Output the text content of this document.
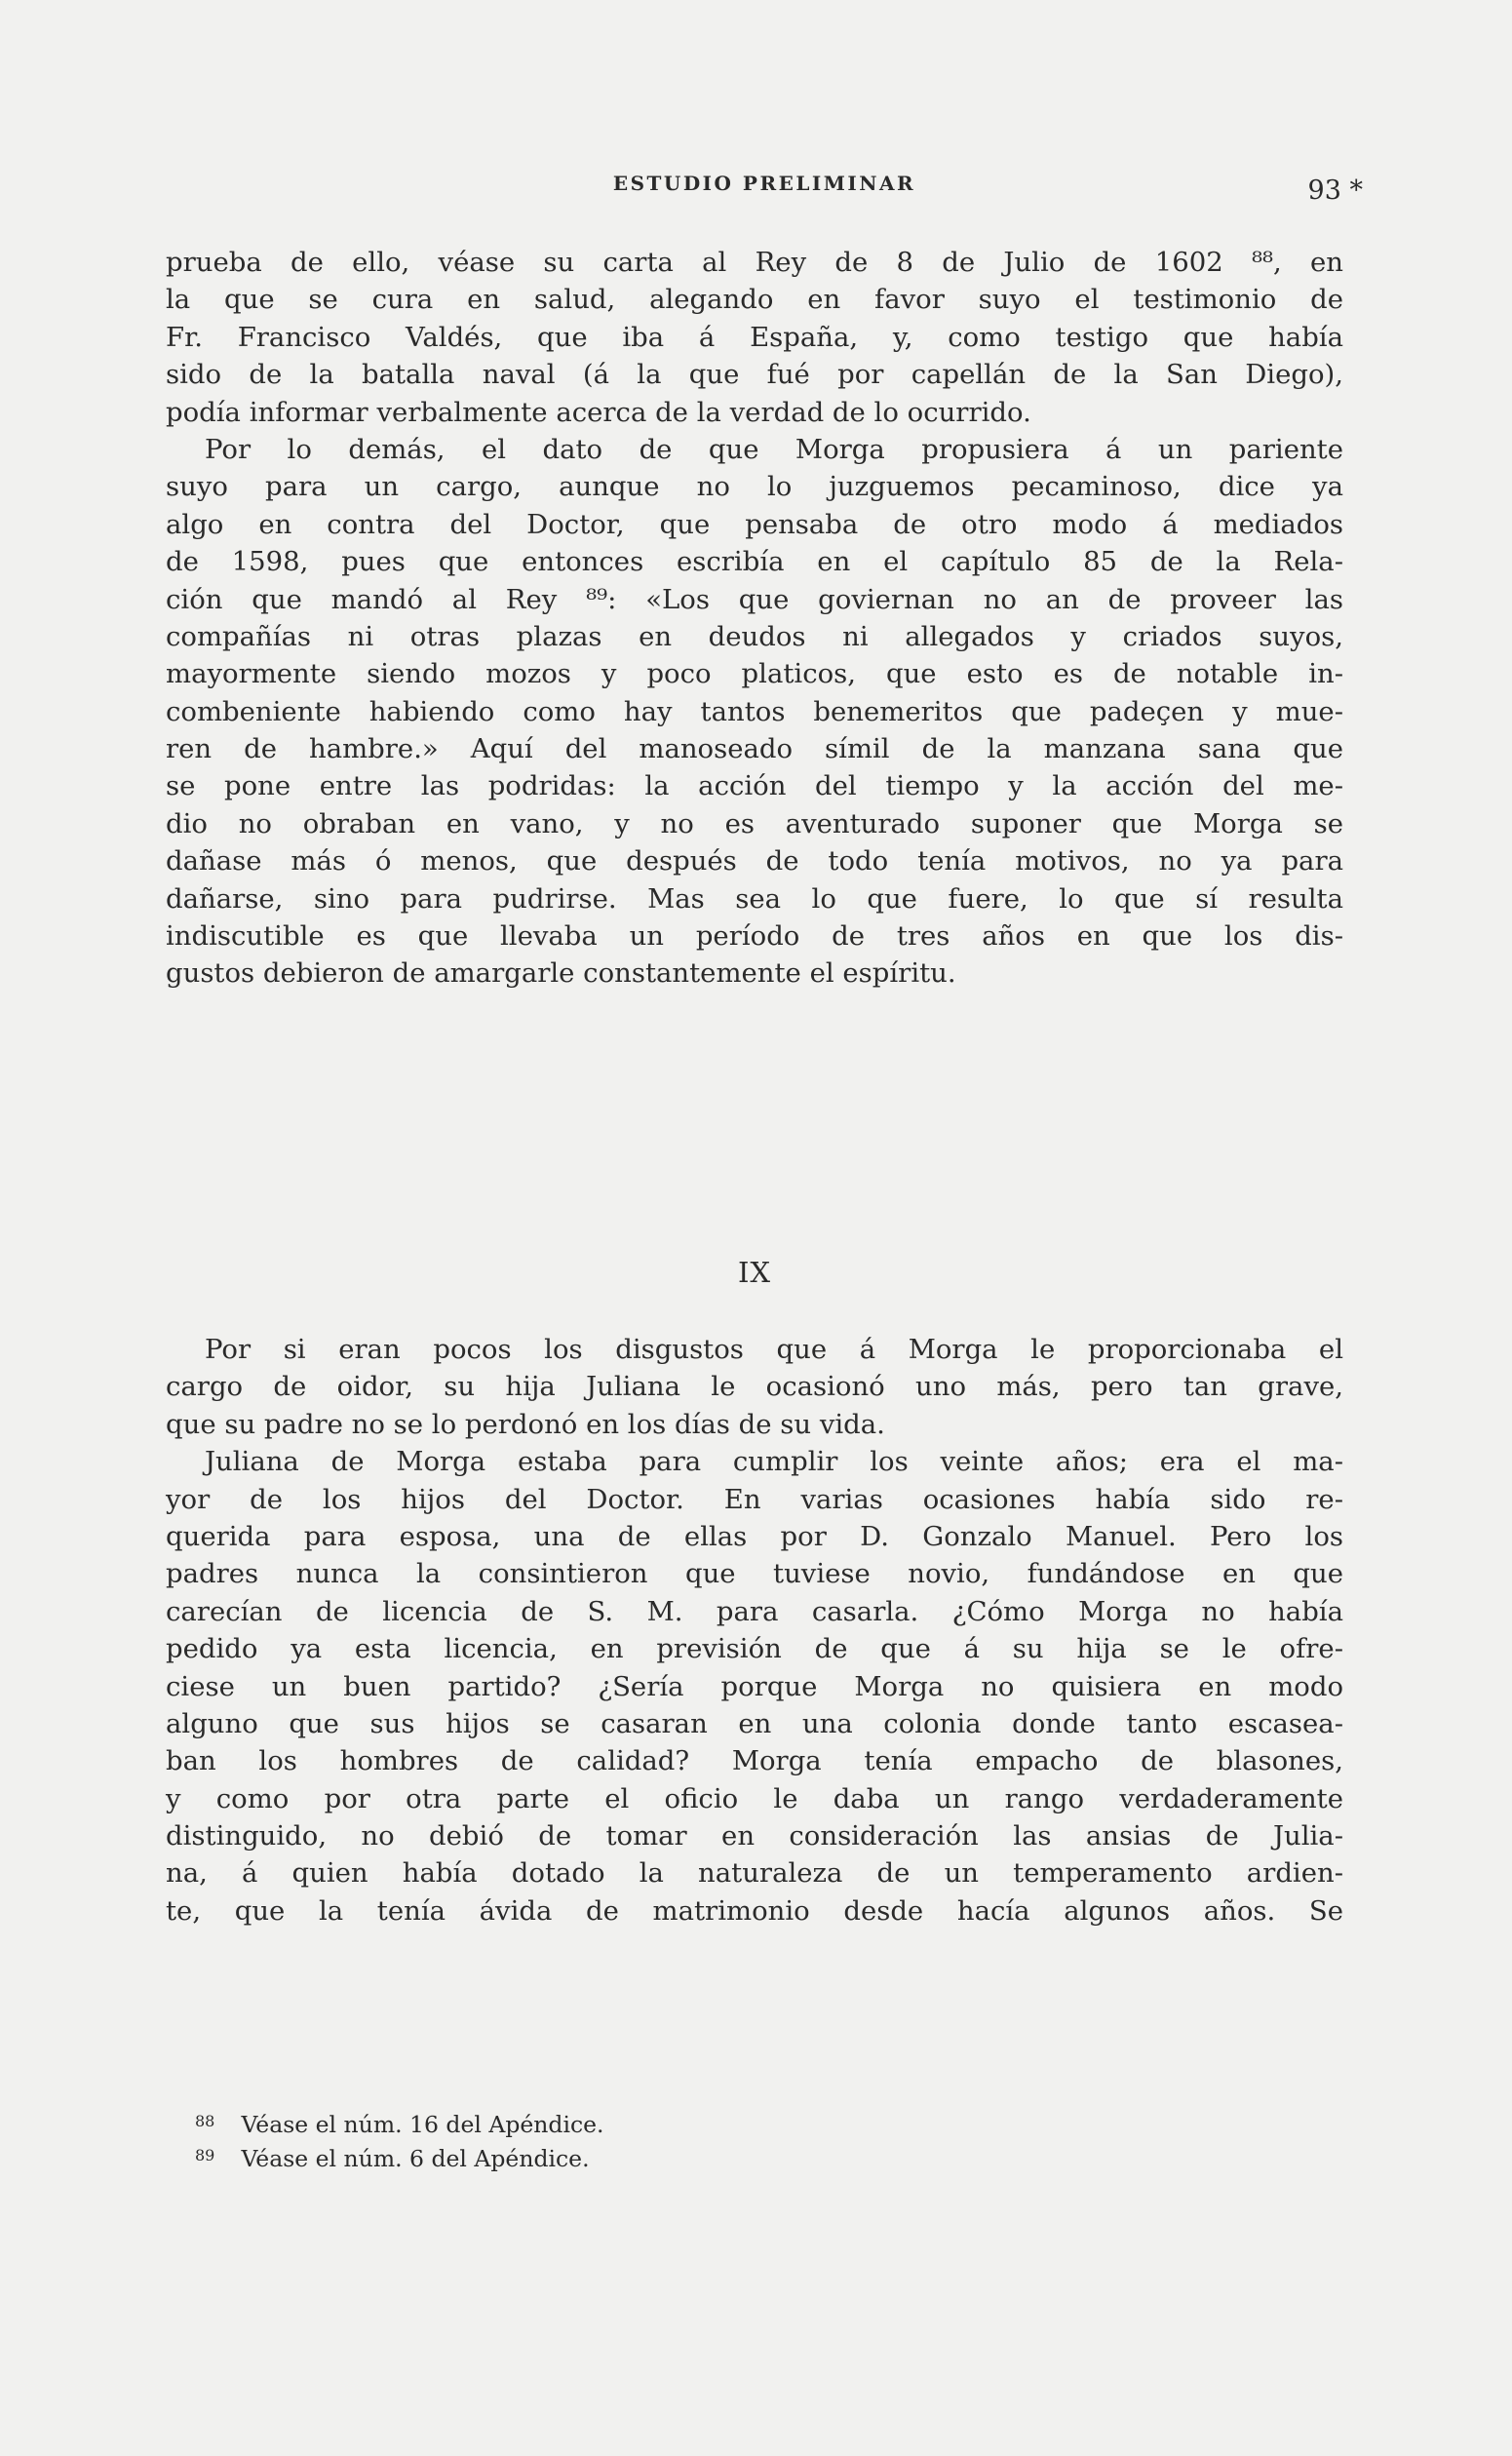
ESTUDIO PRELIMINAR	93 *
prueba de ello, véase su carta al Rey de 8 de Julio de 1602 ⁸⁸, en
la que se cura en salud, alegando en favor suyo el testimonio de
Fr. Francisco Valdés, que iba á España, y, como testigo que había
sido de la batalla naval (á la que fué por capellán de la San Diego),
podía informar verbalmente acerca de la verdad de lo ocurrido.
Por lo demás, el dato de que Morga propusiera á un pariente
suyo para un cargo, aunque no lo juzguemos pecaminoso, dice ya
algo en contra del Doctor, que pensaba de otro modo á mediados
de 1598, pues que entonces escribía en el capítulo 85 de la Rela-
ción que mandó al Rey ⁸⁹: «Los que goviernan no an de proveer las
compañías ni otras plazas en deudos ni allegados y criados suyos,
mayormente siendo mozos y poco platicos, que esto es de notable in-
combeniente habiendo como hay tantos benemeritos que padeçen y mue-
ren de hambre.» Aquí del manoseado símil de la manzana sana que
se pone entre las podridas: la acción del tiempo y la acción del me-
dio no obraban en vano, y no es aventurado suponer que Morga se
dañase más ó menos, que después de todo tenía motivos, no ya para
dañarse, sino para pudrirse. Mas sea lo que fuere, lo que sí resulta
indiscutible es que llevaba un período de tres años en que los dis-
gustos debieron de amargarle constantemente el espíritu.
IX
Por si eran pocos los disgustos que á Morga le proporcionaba el
cargo de oidor, su hija Juliana le ocasionó uno más, pero tan grave,
que su padre no se lo perdonó en los días de su vida.
Juliana de Morga estaba para cumplir los veinte años; era el ma-
yor de los hijos del Doctor. En varias ocasiones había sido re-
querida para esposa, una de ellas por D. Gonzalo Manuel. Pero los
padres nunca la consintieron que tuviese novio, fundándose en que
carecían de licencia de S. M. para casarla. ¿Cómo Morga no había
pedido ya esta licencia, en previsión de que á su hija se le ofre-
ciese un buen partido? ¿Sería porque Morga no quisiera en modo
alguno que sus hijos se casaran en una colonia donde tanto escasea-
ban los hombres de calidad? Morga tenía empacho de blasones,
y como por otra parte el oficio le daba un rango verdaderamente
distinguido, no debió de tomar en consideración las ansias de Julia-
na, á quien había dotado la naturaleza de un temperamento ardien-
te, que la tenía ávida de matrimonio desde hacía algunos años. Se
88 Véase el núm. 16 del Apéndice.
89 Véase el núm. 6 del Apéndice.
